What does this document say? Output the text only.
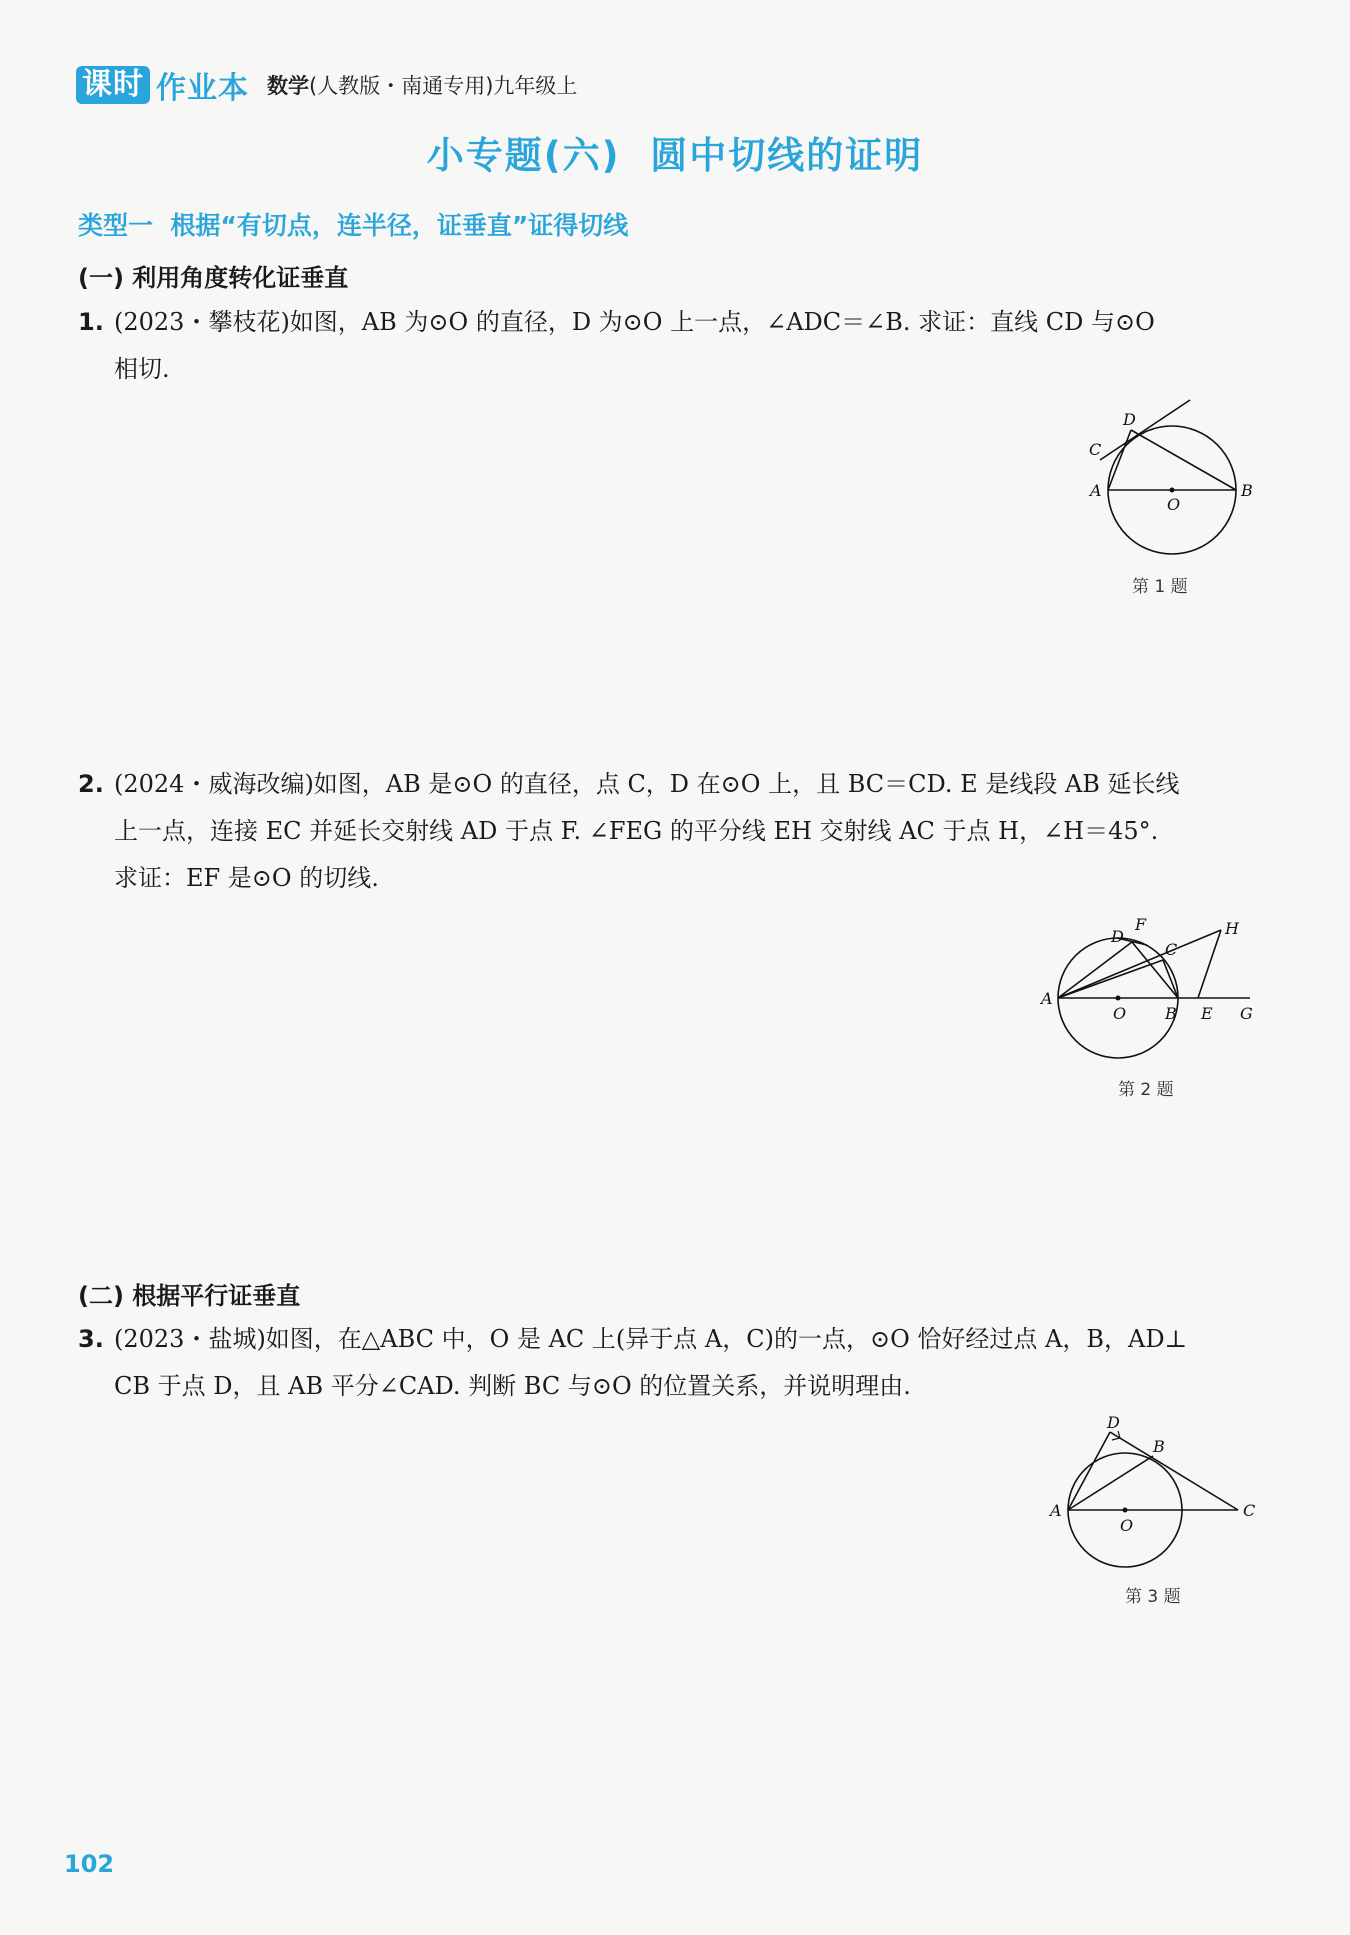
课时 作业本 数学(人教版・南通专用)九年级上
小专题(六)  圆中切线的证明
类型一  根据“有切点，连半径，证垂直”证得切线
(一) 利用角度转化证垂直
1. (2023・攀枝花)如图，AB 为⊙O 的直径，D 为⊙O 上一点，∠ADC＝∠B. 求证：直线 CD 与⊙O
相切.
A	B
C
D
O
第 1 题
2. (2024・威海改编)如图，AB 是⊙O 的直径，点 C，D 在⊙O 上，且 BC＝CD. E 是线段 AB 延长线
上一点，连接 EC 并延长交射线 AD 于点 F. ∠FEG 的平分线 EH 交射线 AC 于点 H，∠H＝45°.
求证：EF 是⊙O 的切线.
A
O B E G
D
F
C
H
第 2 题
(二) 根据平行证垂直
3. (2023・盐城)如图，在△ABC 中，O 是 AC 上(异于点 A，C)的一点，⊙O 恰好经过点 A，B，AD⊥
CB 于点 D，且 AB 平分∠CAD. 判断 BC 与⊙O 的位置关系，并说明理由.
A
O
C
D
B
第 3 题
102
